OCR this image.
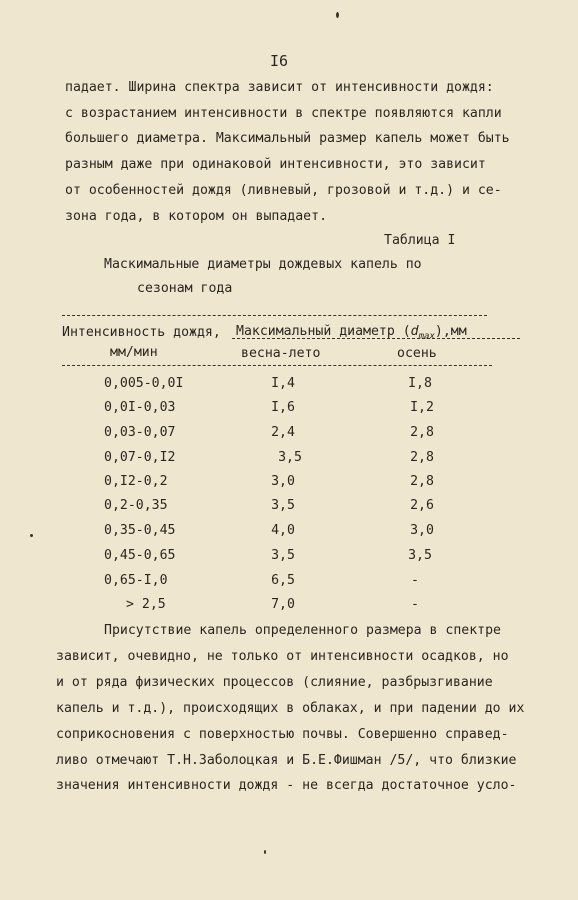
I6
падает. Ширина спектра зависит от интенсивности дождя:
с возрастанием интенсивности в спектре появляются капли
большего диаметра. Максимальный размер капель может быть
разным даже при одинаковой интенсивности, это зависит
от особенностей дождя (ливневый, грозовой и т.д.) и се-
зона года, в котором он выпадает.
Таблица I
Маскимальные диаметры дождевых капель по
сезонам года
Интенсивность дождя,
мм/мин
Максимальный диаметр $(d_{max}),мм$
весна-лето	осень
0,005-0,0I	I,4	I,8
0,0I-0,03	I,6	I,2
0,03-0,07	2,4	2,8
0,07-0,I2	3,5	2,8
0,I2-0,2	3,0	2,8
0,2-0,35	3,5	2,6
0,35-0,45	4,0	3,0
0,45-0,65	3,5	3,5
0,65-I,0	6,5	-
> 2,5	7,0	-
Присутствие капель определенного размера в спектре
зависит, очевидно, не только от интенсивности осадков, но
и от ряда физических процессов (слияние, разбрызгивание
капель и т.д.), происходящих в облаках, и при падении до их
соприкосновения с поверхностью почвы. Совершенно справед-
ливо отмечают Т.Н.Заболоцкая и Б.Е.Фишман /5/, что близкие
значения интенсивности дождя - не всегда достаточное усло-
